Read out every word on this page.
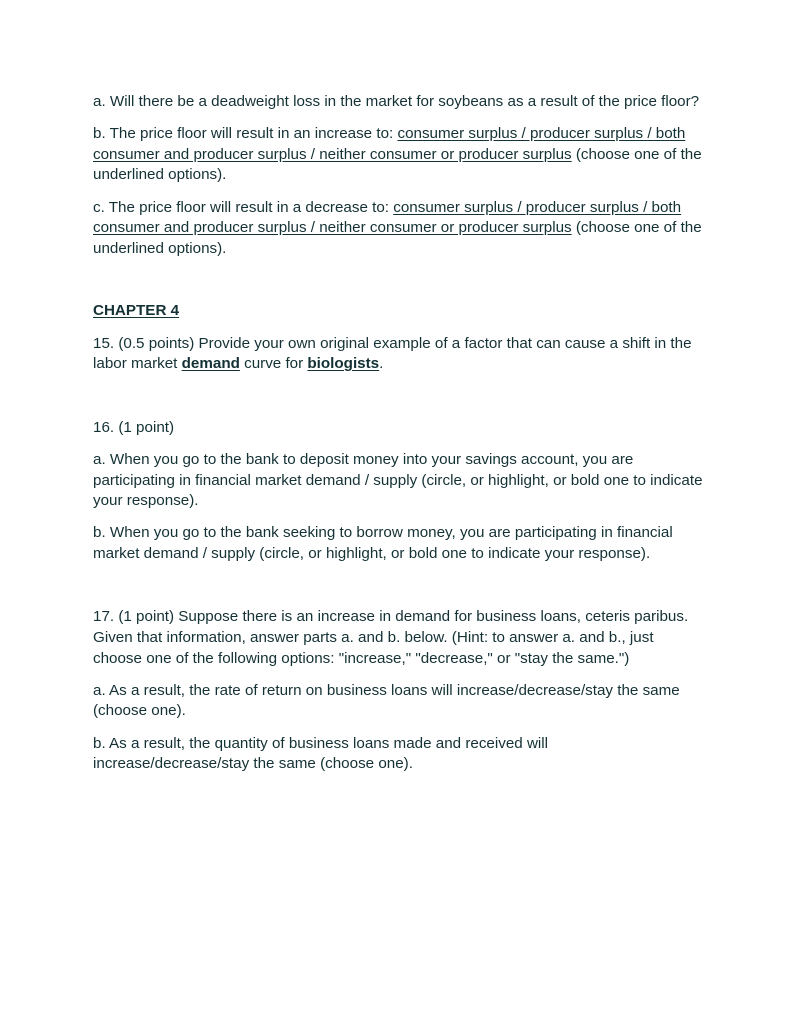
a. Will there be a deadweight loss in the market for soybeans as a result of the price floor?

b. The price floor will result in an increase to: consumer surplus / producer surplus / both consumer and producer surplus / neither consumer or producer surplus (choose one of the underlined options).

c. The price floor will result in a decrease to: consumer surplus / producer surplus / both consumer and producer surplus / neither consumer or producer surplus (choose one of the underlined options).

CHAPTER 4

15. (0.5 points) Provide your own original example of a factor that can cause a shift in the labor market demand curve for biologists.

16. (1 point)

a. When you go to the bank to deposit money into your savings account, you are participating in financial market demand / supply (circle, or highlight, or bold one to indicate your response).

b. When you go to the bank seeking to borrow money, you are participating in financial market demand / supply (circle, or highlight, or bold one to indicate your response).

17. (1 point) Suppose there is an increase in demand for business loans, ceteris paribus. Given that information, answer parts a. and b. below. (Hint: to answer a. and b., just choose one of the following options: "increase," "decrease," or "stay the same.")

a. As a result, the rate of return on business loans will increase/decrease/stay the same (choose one).

b. As a result, the quantity of business loans made and received will increase/decrease/stay the same (choose one).
